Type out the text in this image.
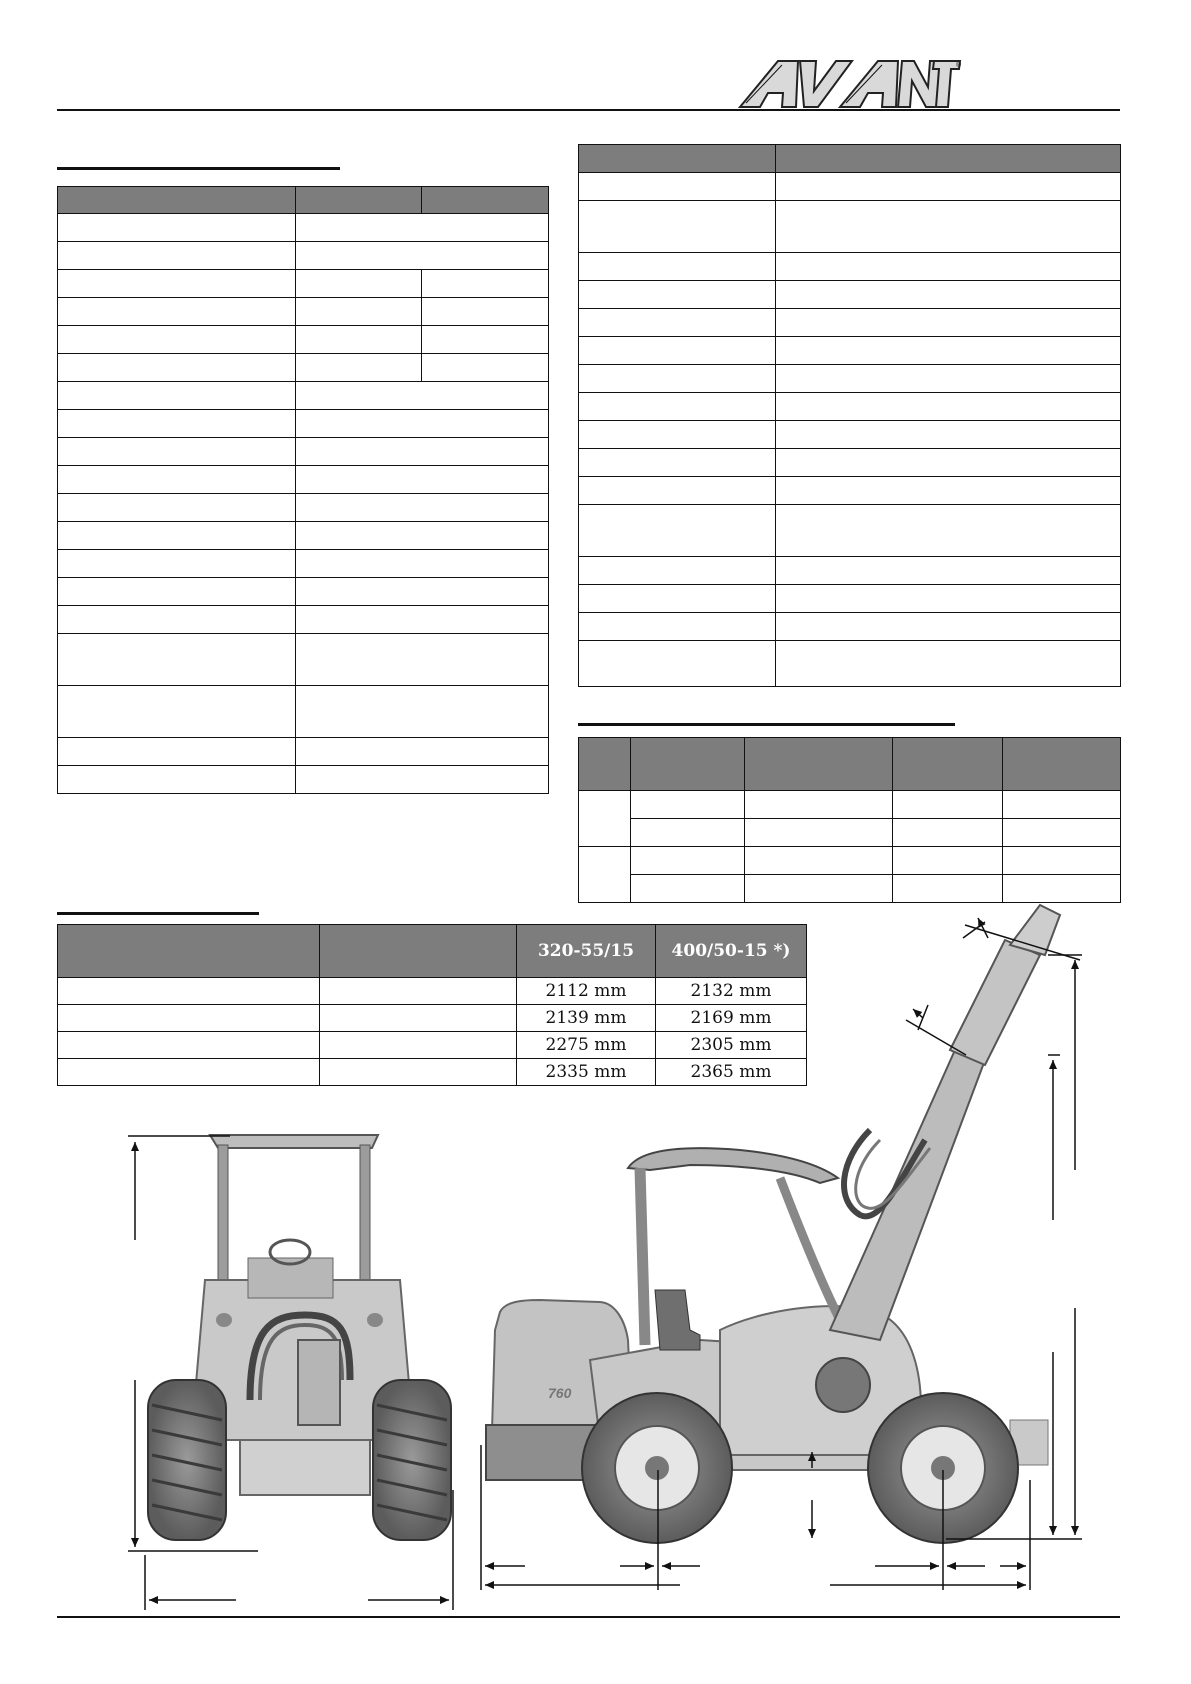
®

		320-55/15	400/50-15 *)
		2112 mm	2132 mm
		2139 mm	2169 mm
		2275 mm	2305 mm
		2335 mm	2365 mm
760
